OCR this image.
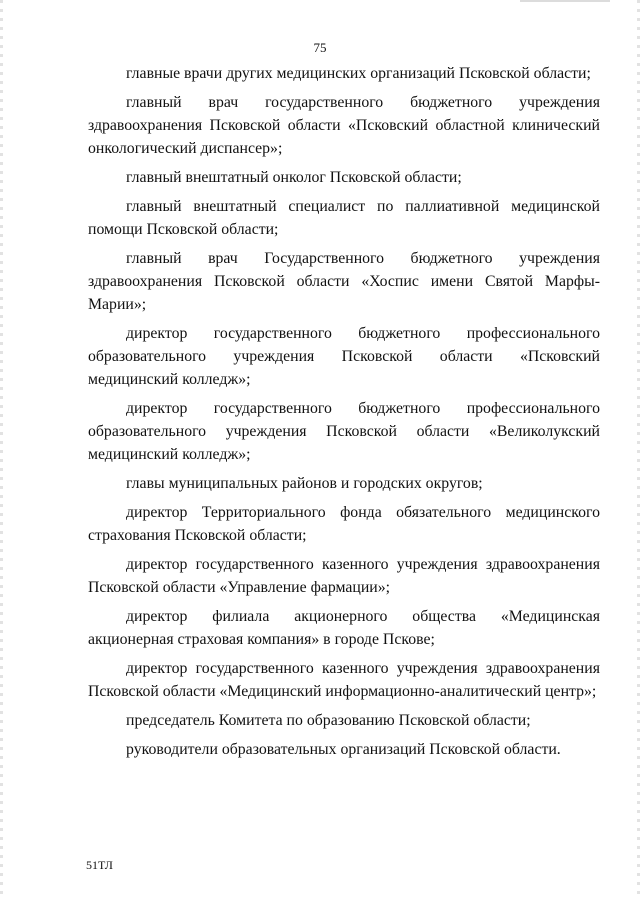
75

главные врачи других медицинских организаций Псковской области;

главный врач государственного бюджетного учреждения здравоохранения Псковской области «Псковский областной клинический онкологический диспансер»;

главный внештатный онколог Псковской области;

главный внештатный специалист по паллиативной медицинской помощи Псковской области;

главный врач Государственного бюджетного учреждения здравоохранения Псковской области «Хоспис имени Святой Марфы-Марии»;

директор государственного бюджетного профессионального образовательного учреждения Псковской области «Псковский медицинский колледж»;

директор государственного бюджетного профессионального образовательного учреждения Псковской области «Великолукский медицинский колледж»;

главы муниципальных районов и городских округов;

директор Территориального фонда обязательного медицинского страхования Псковской области;

директор государственного казенного учреждения здравоохранения Псковской области «Управление фармации»;

директор филиала акционерного общества «Медицинская акционерная страховая компания» в городе Пскове;

директор государственного казенного учреждения здравоохранения Псковской области «Медицинский информационно-аналитический центр»;

председатель Комитета по образованию Псковской области;

руководители образовательных организаций Псковской области.

51ТЛ
